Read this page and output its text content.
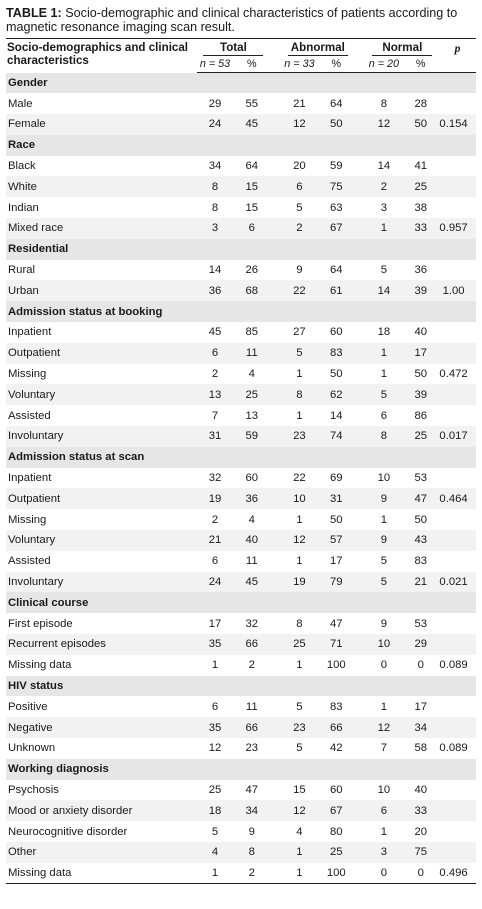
TABLE 1: Socio-demographic and clinical characteristics of patients according to magnetic resonance imaging scan result.
Socio-demographics and clinical characteristics	Total			Abnormal			Normal		p
	n = 53	%		n = 33	%		n = 20	%	
Gender									
Male	29	55		21	64		8	28	
Female	24	45		12	50		12	50	0.154
Race									
Black	34	64		20	59		14	41	
White	8	15		6	75		2	25	
Indian	8	15		5	63		3	38	
Mixed race	3	6		2	67		1	33	0.957
Residential									
Rural	14	26		9	64		5	36	
Urban	36	68		22	61		14	39	1.00
Admission status at booking									
Inpatient	45	85		27	60		18	40	
Outpatient	6	11		5	83		1	17	
Missing	2	4		1	50		1	50	0.472
Voluntary	13	25		8	62		5	39	
Assisted	7	13		1	14		6	86	
Involuntary	31	59		23	74		8	25	0.017
Admission status at scan									
Inpatient	32	60		22	69		10	53	
Outpatient	19	36		10	31		9	47	0.464
Missing	2	4		1	50		1	50	
Voluntary	21	40		12	57		9	43	
Assisted	6	11		1	17		5	83	
Involuntary	24	45		19	79		5	21	0.021
Clinical course									
First episode	17	32		8	47		9	53	
Recurrent episodes	35	66		25	71		10	29	
Missing data	1	2		1	100		0	0	0.089
HIV status									
Positive	6	11		5	83		1	17	
Negative	35	66		23	66		12	34	
Unknown	12	23		5	42		7	58	0.089
Working diagnosis									
Psychosis	25	47		15	60		10	40	
Mood or anxiety disorder	18	34		12	67		6	33	
Neurocognitive disorder	5	9		4	80		1	20	
Other	4	8		1	25		3	75	
Missing data	1	2		1	100		0	0	0.496
